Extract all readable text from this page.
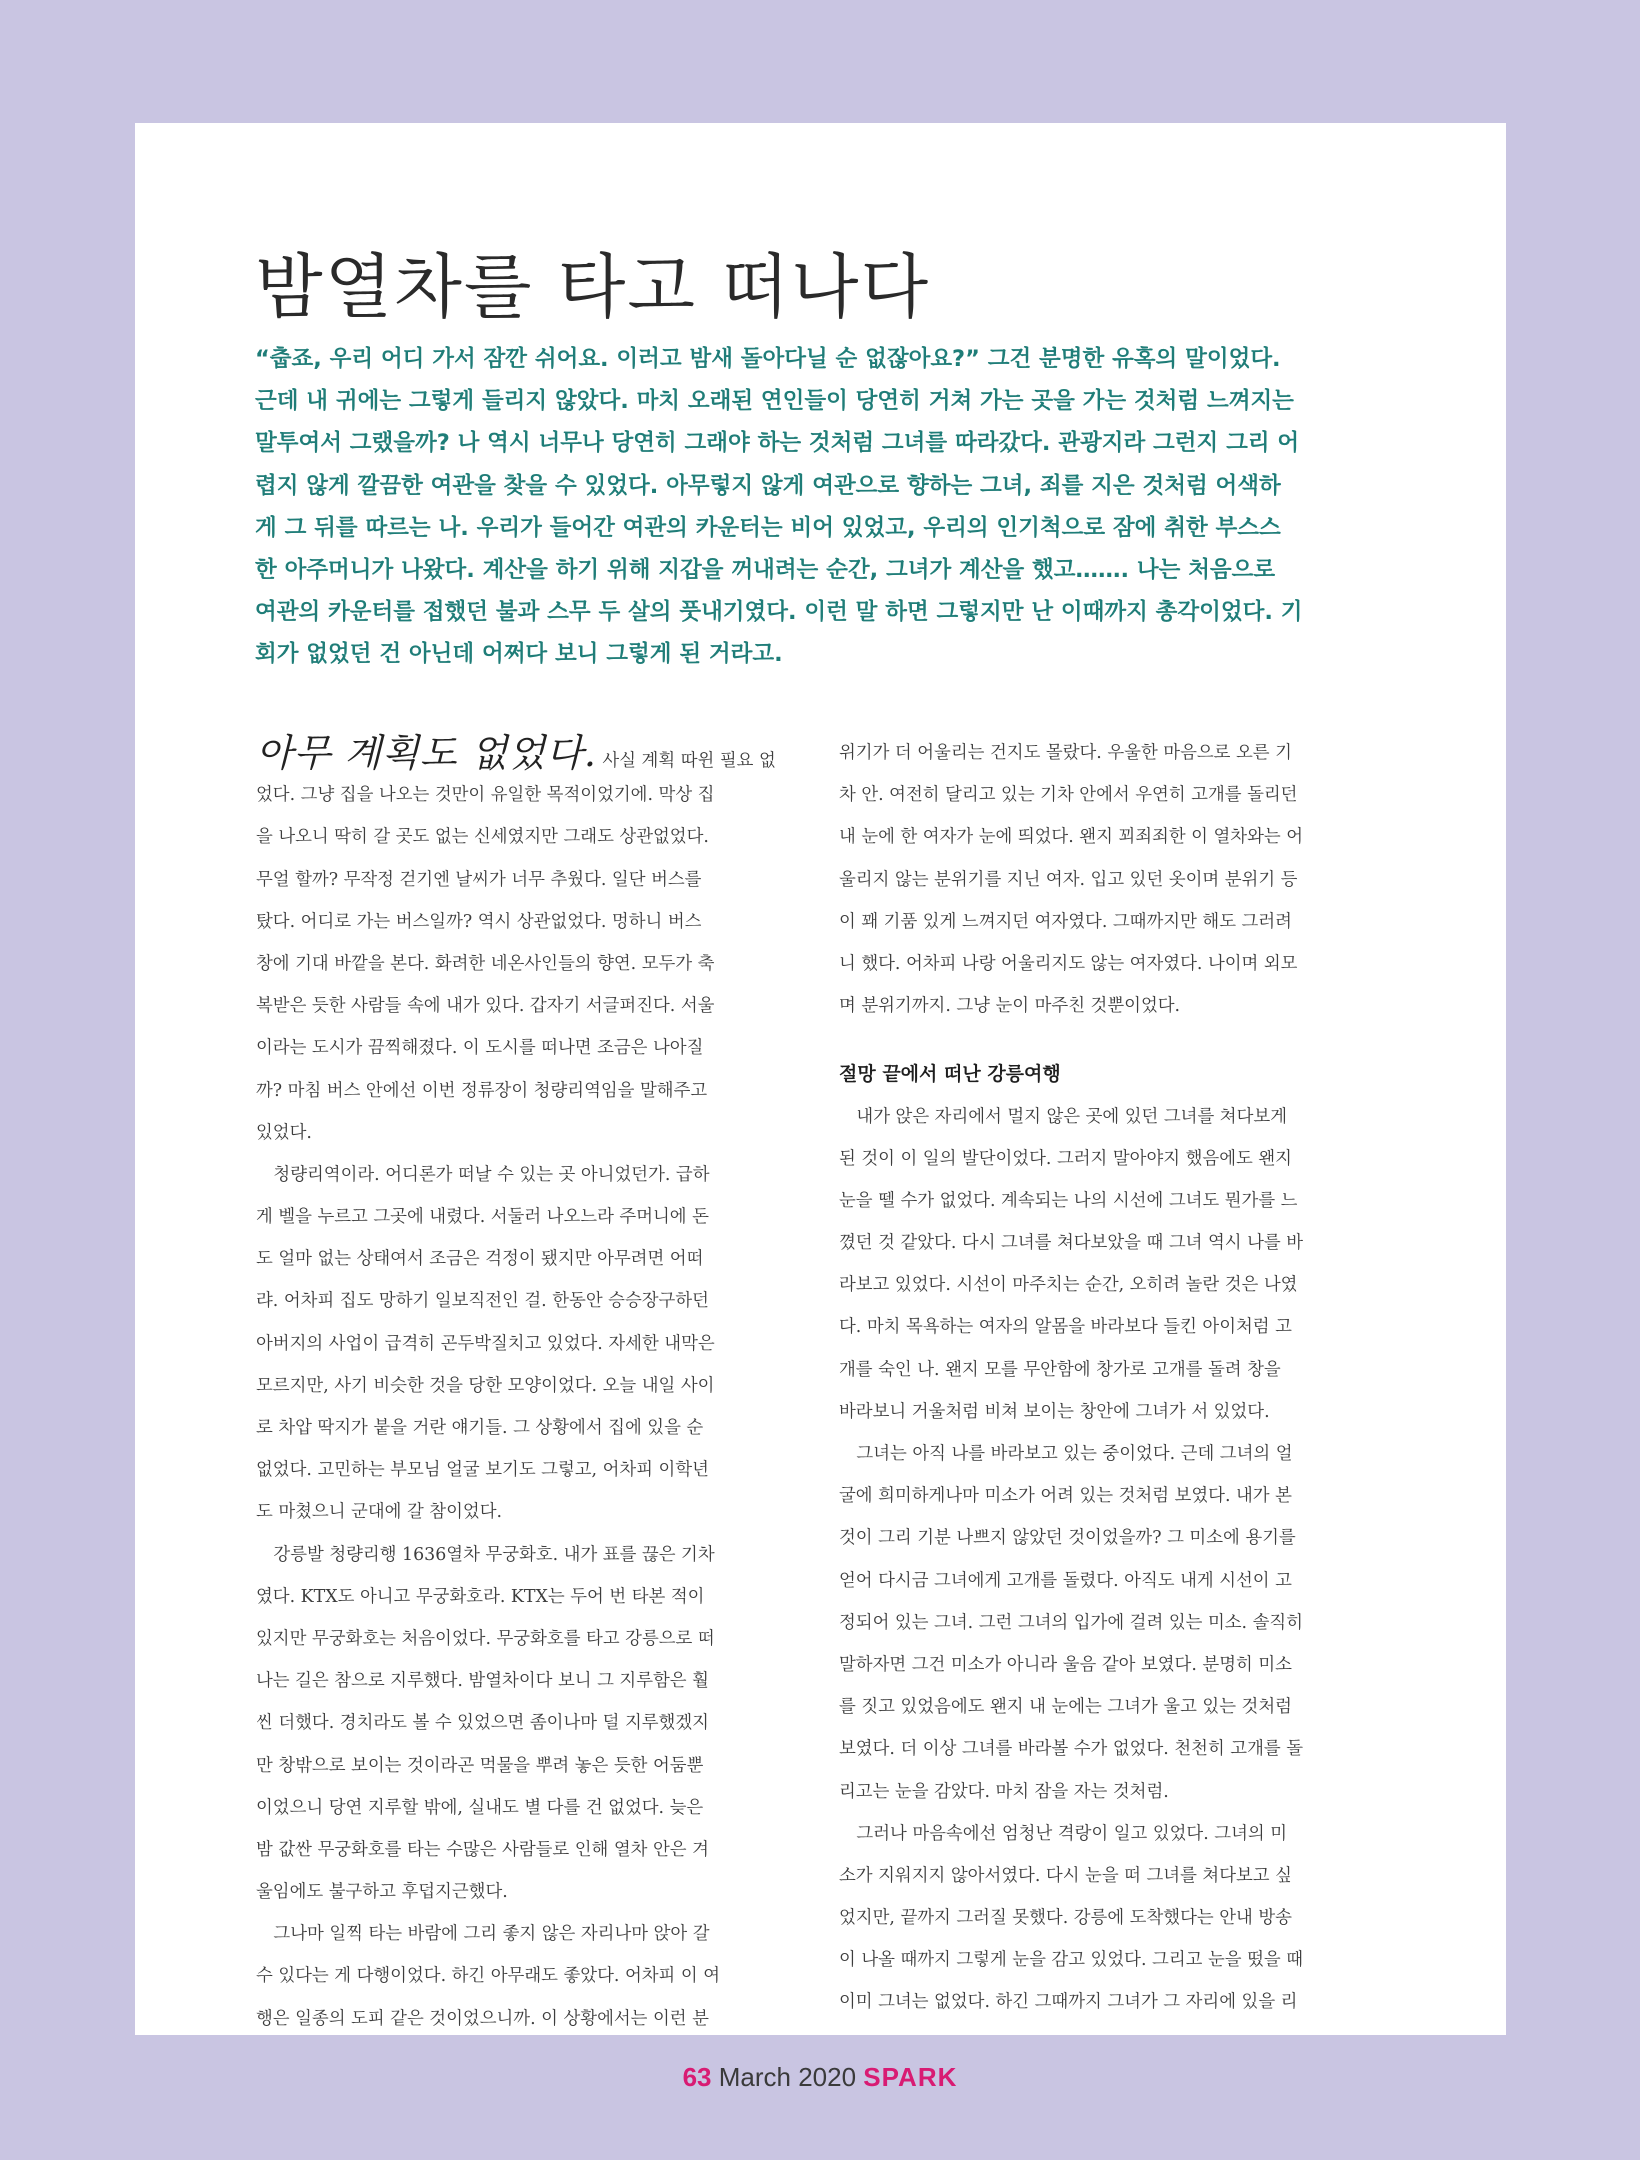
밤열차를 타고 떠나다
“춥죠, 우리 어디 가서 잠깐 쉬어요. 이러고 밤새 돌아다닐 순 없잖아요?” 그건 분명한 유혹의 말이었다.
근데 내 귀에는 그렇게 들리지 않았다. 마치 오래된 연인들이 당연히 거쳐 가는 곳을 가는 것처럼 느껴지는
말투여서 그랬을까? 나 역시 너무나 당연히 그래야 하는 것처럼 그녀를 따라갔다. 관광지라 그런지 그리 어
렵지 않게 깔끔한 여관을 찾을 수 있었다. 아무렇지 않게 여관으로 향하는 그녀, 죄를 지은 것처럼 어색하
게 그 뒤를 따르는 나. 우리가 들어간 여관의 카운터는 비어 있었고, 우리의 인기척으로 잠에 취한 부스스
한 아주머니가 나왔다. 계산을 하기 위해 지갑을 꺼내려는 순간, 그녀가 계산을 했고……. 나는 처음으로
여관의 카운터를 접했던 불과 스무 두 살의 풋내기였다. 이런 말 하면 그렇지만 난 이때까지 총각이었다. 기
회가 없었던 건 아닌데 어쩌다 보니 그렇게 된 거라고.
아무 계획도 없었다. 사실 계획 따윈 필요 없
었다. 그냥 집을 나오는 것만이 유일한 목적이었기에. 막상 집
을 나오니 딱히 갈 곳도 없는 신세였지만 그래도 상관없었다.
무얼 할까? 무작정 걷기엔 날씨가 너무 추웠다. 일단 버스를
탔다. 어디로 가는 버스일까? 역시 상관없었다. 멍하니 버스
창에 기대 바깥을 본다. 화려한 네온사인들의 향연. 모두가 축
복받은 듯한 사람들 속에 내가 있다. 갑자기 서글퍼진다. 서울
이라는 도시가 끔찍해졌다. 이 도시를 떠나면 조금은 나아질
까? 마침 버스 안에선 이번 정류장이 청량리역임을 말해주고
있었다.
　청량리역이라. 어디론가 떠날 수 있는 곳 아니었던가. 급하
게 벨을 누르고 그곳에 내렸다. 서둘러 나오느라 주머니에 돈
도 얼마 없는 상태여서 조금은 걱정이 됐지만 아무려면 어떠
랴. 어차피 집도 망하기 일보직전인 걸. 한동안 승승장구하던
아버지의 사업이 급격히 곤두박질치고 있었다. 자세한 내막은
모르지만, 사기 비슷한 것을 당한 모양이었다. 오늘 내일 사이
로 차압 딱지가 붙을 거란 얘기들. 그 상황에서 집에 있을 순
없었다. 고민하는 부모님 얼굴 보기도 그렇고, 어차피 이학년
도 마쳤으니 군대에 갈 참이었다.
　강릉발 청량리행 1636열차 무궁화호. 내가 표를 끊은 기차
였다. KTX도 아니고 무궁화호라. KTX는 두어 번 타본 적이
있지만 무궁화호는 처음이었다. 무궁화호를 타고 강릉으로 떠
나는 길은 참으로 지루했다. 밤열차이다 보니 그 지루함은 훨
씬 더했다. 경치라도 볼 수 있었으면 좀이나마 덜 지루했겠지
만 창밖으로 보이는 것이라곤 먹물을 뿌려 놓은 듯한 어둠뿐
이었으니 당연 지루할 밖에, 실내도 별 다를 건 없었다. 늦은
밤 값싼 무궁화호를 타는 수많은 사람들로 인해 열차 안은 겨
울임에도 불구하고 후덥지근했다.
　그나마 일찍 타는 바람에 그리 좋지 않은 자리나마 앉아 갈
수 있다는 게 다행이었다. 하긴 아무래도 좋았다. 어차피 이 여
행은 일종의 도피 같은 것이었으니까. 이 상황에서는 이런 분
위기가 더 어울리는 건지도 몰랐다. 우울한 마음으로 오른 기
차 안. 여전히 달리고 있는 기차 안에서 우연히 고개를 돌리던
내 눈에 한 여자가 눈에 띄었다. 왠지 꾀죄죄한 이 열차와는 어
울리지 않는 분위기를 지닌 여자. 입고 있던 옷이며 분위기 등
이 꽤 기품 있게 느껴지던 여자였다. 그때까지만 해도 그러려
니 했다. 어차피 나랑 어울리지도 않는 여자였다. 나이며 외모
며 분위기까지. 그냥 눈이 마주친 것뿐이었다.
절망 끝에서 떠난 강릉여행
　내가 앉은 자리에서 멀지 않은 곳에 있던 그녀를 쳐다보게
된 것이 이 일의 발단이었다. 그러지 말아야지 했음에도 왠지
눈을 뗄 수가 없었다. 계속되는 나의 시선에 그녀도 뭔가를 느
꼈던 것 같았다. 다시 그녀를 쳐다보았을 때 그녀 역시 나를 바
라보고 있었다. 시선이 마주치는 순간, 오히려 놀란 것은 나였
다. 마치 목욕하는 여자의 알몸을 바라보다 들킨 아이처럼 고
개를 숙인 나. 왠지 모를 무안함에 창가로 고개를 돌려 창을
바라보니 거울처럼 비쳐 보이는 창안에 그녀가 서 있었다.
　그녀는 아직 나를 바라보고 있는 중이었다. 근데 그녀의 얼
굴에 희미하게나마 미소가 어려 있는 것처럼 보였다. 내가 본
것이 그리 기분 나쁘지 않았던 것이었을까? 그 미소에 용기를
얻어 다시금 그녀에게 고개를 돌렸다. 아직도 내게 시선이 고
정되어 있는 그녀. 그런 그녀의 입가에 걸려 있는 미소. 솔직히
말하자면 그건 미소가 아니라 울음 같아 보였다. 분명히 미소
를 짓고 있었음에도 왠지 내 눈에는 그녀가 울고 있는 것처럼
보였다. 더 이상 그녀를 바라볼 수가 없었다. 천천히 고개를 돌
리고는 눈을 감았다. 마치 잠을 자는 것처럼.
　그러나 마음속에선 엄청난 격랑이 일고 있었다. 그녀의 미
소가 지워지지 않아서였다. 다시 눈을 떠 그녀를 쳐다보고 싶
었지만, 끝까지 그러질 못했다. 강릉에 도착했다는 안내 방송
이 나올 때까지 그렇게 눈을 감고 있었다. 그리고 눈을 떴을 때
이미 그녀는 없었다. 하긴 그때까지 그녀가 그 자리에 있을 리
63 March 2020 SPARK
